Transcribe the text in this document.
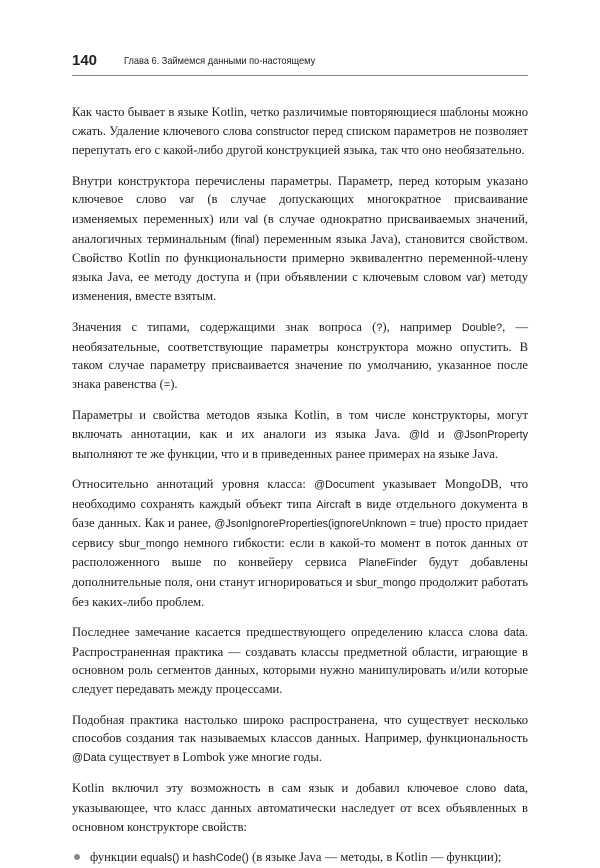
140	Глава 6. Займемся данными по-настоящему

Как часто бывает в языке Kotlin, четко различимые повторяющиеся шаблоны можно сжать. Удаление ключевого слова constructor перед списком параметров не позволяет перепутать его с какой-либо другой конструкцией языка, так что оно необязательно.

Внутри конструктора перечислены параметры. Параметр, перед которым указано ключевое слово var (в случае допускающих многократное присваивание изменяемых переменных) или val (в случае однократно присваиваемых значений, аналогичных терминальным (final) переменным языка Java), становится свойством. Свойство Kotlin по функциональности примерно эквивалентно переменной-члену языка Java, ее методу доступа и (при объявлении с ключевым словом var) методу изменения, вместе взятым.

Значения с типами, содержащими знак вопроса (?), например Double?, — необязательные, соответствующие параметры конструктора можно опустить. В таком случае параметру присваивается значение по умолчанию, указанное после знака равенства (=).

Параметры и свойства методов языка Kotlin, в том числе конструкторы, могут включать аннотации, как и их аналоги из языка Java. @Id и @JsonProperty выполняют те же функции, что и в приведенных ранее примерах на языке Java.

Относительно аннотаций уровня класса: @Document указывает MongoDB, что необходимо сохранять каждый объект типа Aircraft в виде отдельного документа в базе данных. Как и ранее, @JsonIgnoreProperties(ignoreUnknown = true) просто придает сервису sbur_mongo немного гибкости: если в какой-то момент в поток данных от расположенного выше по конвейеру сервиса PlaneFinder будут добавлены дополнительные поля, они станут игнорироваться и sbur_mongo продолжит работать без каких-либо проблем.

Последнее замечание касается предшествующего определению класса слова data. Распространенная практика — создавать классы предметной области, играющие в основном роль сегментов данных, которыми нужно манипулировать и/или которые следует передавать между процессами.

Подобная практика настолько широко распространена, что существует несколько способов создания так называемых классов данных. Например, функциональность @Data существует в Lombok уже многие годы.

Kotlin включил эту возможность в сам язык и добавил ключевое слово data, указывающее, что класс данных автоматически наследует от всех объявленных в основном конструкторе свойств:

функции equals() и hashCode() (в языке Java — методы, в Kotlin — функции);
